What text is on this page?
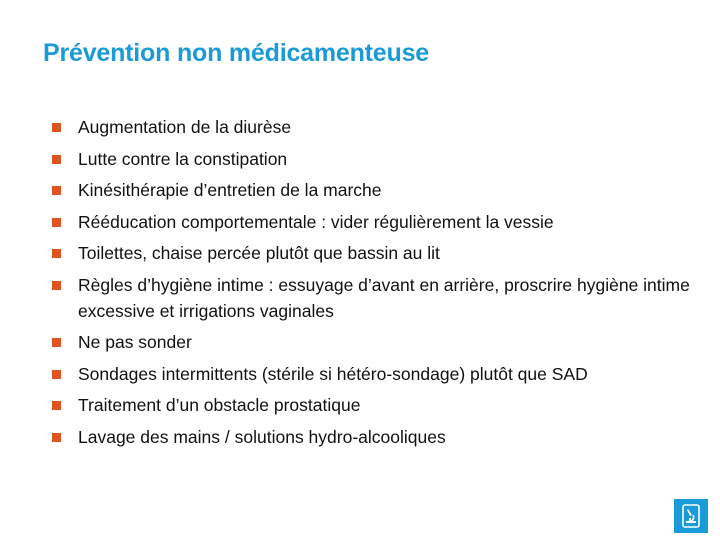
Prévention non médicamenteuse
Augmentation de la diurèse
Lutte contre la constipation
Kinésithérapie d’entretien de la marche
Rééducation comportementale : vider régulièrement la vessie
Toilettes, chaise percée plutôt que bassin au lit
Règles d’hygiène intime : essuyage d’avant en arrière, proscrire hygiène intime excessive et irrigations vaginales
Ne pas sonder
Sondages intermittents (stérile si hétéro-sondage) plutôt que SAD
Traitement d’un obstacle prostatique
Lavage des mains / solutions hydro-alcooliques
